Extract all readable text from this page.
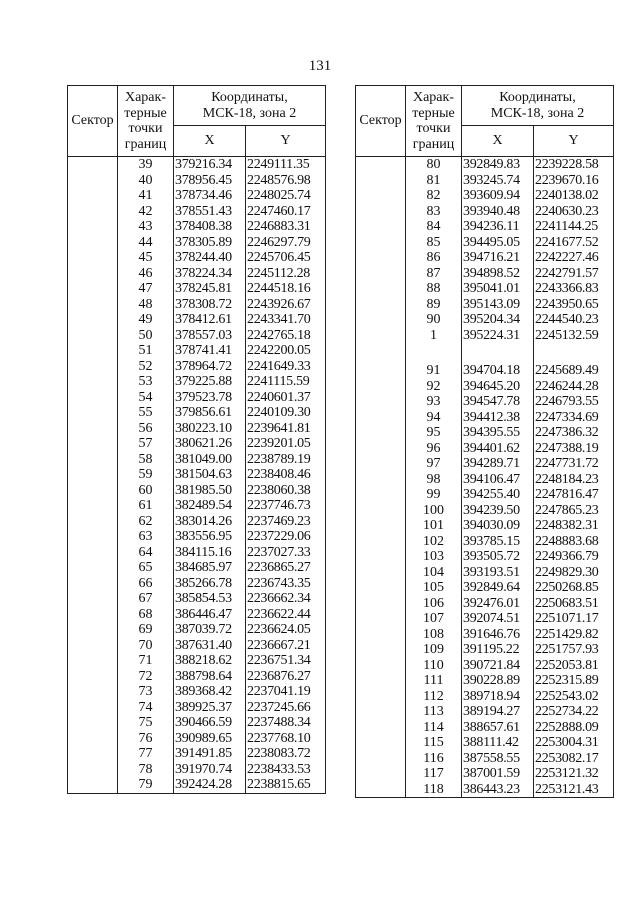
131
Сектор	Харак-
терные
точки
границ	Координаты,
МСК-18, зона 2	
		X	Y
	39	379216.34	2249111.35
	40	378956.45	2248576.98
	41	378734.46	2248025.74
	42	378551.43	2247460.17
	43	378408.38	2246883.31
	44	378305.89	2246297.79
	45	378244.40	2245706.45
	46	378224.34	2245112.28
	47	378245.81	2244518.16
	48	378308.72	2243926.67
	49	378412.61	2243341.70
	50	378557.03	2242765.18
	51	378741.41	2242200.05
	52	378964.72	2241649.33
	53	379225.88	2241115.59
	54	379523.78	2240601.37
	55	379856.61	2240109.30
	56	380223.10	2239641.81
	57	380621.26	2239201.05
	58	381049.00	2238789.19
	59	381504.63	2238408.46
	60	381985.50	2238060.38
	61	382489.54	2237746.73
	62	383014.26	2237469.23
	63	383556.95	2237229.06
	64	384115.16	2237027.33
	65	384685.97	2236865.27
	66	385266.78	2236743.35
	67	385854.53	2236662.34
	68	386446.47	2236622.44
	69	387039.72	2236624.05
	70	387631.40	2236667.21
	71	388218.62	2236751.34
	72	388798.64	2236876.27
	73	389368.42	2237041.19
	74	389925.37	2237245.66
	75	390466.59	2237488.34
	76	390989.65	2237768.10
	77	391491.85	2238083.72
	78	391970.74	2238433.53
	79	392424.28	2238815.65
Сектор	Харак-
терные
точки
границ	Координаты,
МСК-18, зона 2	
		X	Y
	80	392849.83	2239228.58
	81	393245.74	2239670.16
	82	393609.94	2240138.02
	83	393940.48	2240630.23
	84	394236.11	2241144.25
	85	394495.05	2241677.52
	86	394716.21	2242227.46
	87	394898.52	2242791.57
	88	395041.01	2243366.83
	89	395143.09	2243950.65
	90	395204.34	2244540.23
	1	395224.31	2245132.59

	91	394704.18	2245689.49
	92	394645.20	2246244.28
	93	394547.78	2246793.55
	94	394412.38	2247334.69
	95	394395.55	2247386.32
	96	394401.62	2247388.19
	97	394289.71	2247731.72
	98	394106.47	2248184.23
	99	394255.40	2247816.47
	100	394239.50	2247865.23
	101	394030.09	2248382.31
	102	393785.15	2248883.68
	103	393505.72	2249366.79
	104	393193.51	2249829.30
	105	392849.64	2250268.85
	106	392476.01	2250683.51
	107	392074.51	2251071.17
	108	391646.76	2251429.82
	109	391195.22	2251757.93
	110	390721.84	2252053.81
	111	390228.89	2252315.89
	112	389718.94	2252543.02
	113	389194.27	2252734.22
	114	388657.61	2252888.09
	115	388111.42	2253004.31
	116	387558.55	2253082.17
	117	387001.59	2253121.32
	118	386443.23	2253121.43
